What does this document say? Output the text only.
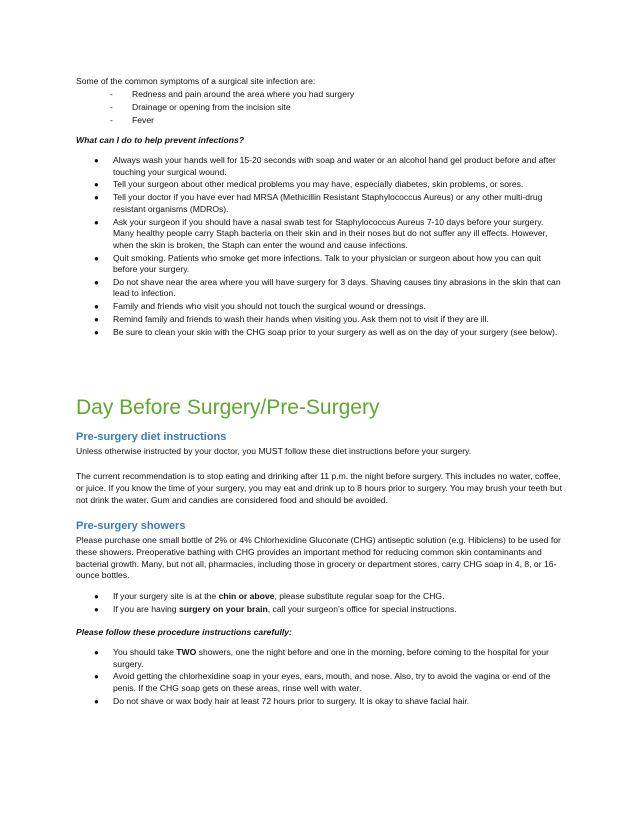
Some of the common symptoms of a surgical site infection are:

- Redness and pain around the area where you had surgery
- Drainage or opening from the incision site
- Fever

What can I do to help prevent infections?

● Always wash your hands well for 15-20 seconds with soap and water or an alcohol hand gel product before and after touching your surgical wound.
● Tell your surgeon about other medical problems you may have, especially diabetes, skin problems, or sores.
● Tell your doctor if you have ever had MRSA (Methicillin Resistant Staphylococcus Aureus) or any other multi-drug resistant organisms (MDROs).
● Ask your surgeon if you should have a nasal swab test for Staphylococcus Aureus 7-10 days before your surgery. Many healthy people carry Staph bacteria on their skin and in their noses but do not suffer any ill effects. However, when the skin is broken, the Staph can enter the wound and cause infections.
● Quit smoking. Patients who smoke get more infections. Talk to your physician or surgeon about how you can quit before your surgery.
● Do not shave near the area where you will have surgery for 3 days. Shaving causes tiny abrasions in the skin that can lead to infection.
● Family and friends who visit you should not touch the surgical wound or dressings.
● Remind family and friends to wash their hands when visiting you. Ask them not to visit if they are ill.
● Be sure to clean your skin with the CHG soap prior to your surgery as well as on the day of your surgery (see below).
Day Before Surgery/Pre-Surgery
Pre-surgery diet instructions

Unless otherwise instructed by your doctor, you MUST follow these diet instructions before your surgery.

The current recommendation is to stop eating and drinking after 11 p.m. the night before surgery. This includes no water, coffee, or juice. If you know the time of your surgery, you may eat and drink up to 8 hours prior to surgery. You may brush your teeth but not drink the water. Gum and candies are considered food and should be avoided.

Pre-surgery showers

Please purchase one small bottle of 2% or 4% Chlorhexidine Gluconate (CHG) antiseptic solution (e.g. Hibiclens) to be used for these showers. Preoperative bathing with CHG provides an important method for reducing common skin contaminants and bacterial growth. Many, but not all, pharmacies, including those in grocery or department stores, carry CHG soap in 4, 8, or 16-ounce bottles.

● If your surgery site is at the chin or above, please substitute regular soap for the CHG.
● If you are having surgery on your brain, call your surgeon’s office for special instructions.

Please follow these procedure instructions carefully:

● You should take TWO showers, one the night before and one in the morning, before coming to the hospital for your surgery.
● Avoid getting the chlorhexidine soap in your eyes, ears, mouth, and nose. Also, try to avoid the vagina or end of the penis. If the CHG soap gets on these areas, rinse well with water.
● Do not shave or wax body hair at least 72 hours prior to surgery. It is okay to shave facial hair.
